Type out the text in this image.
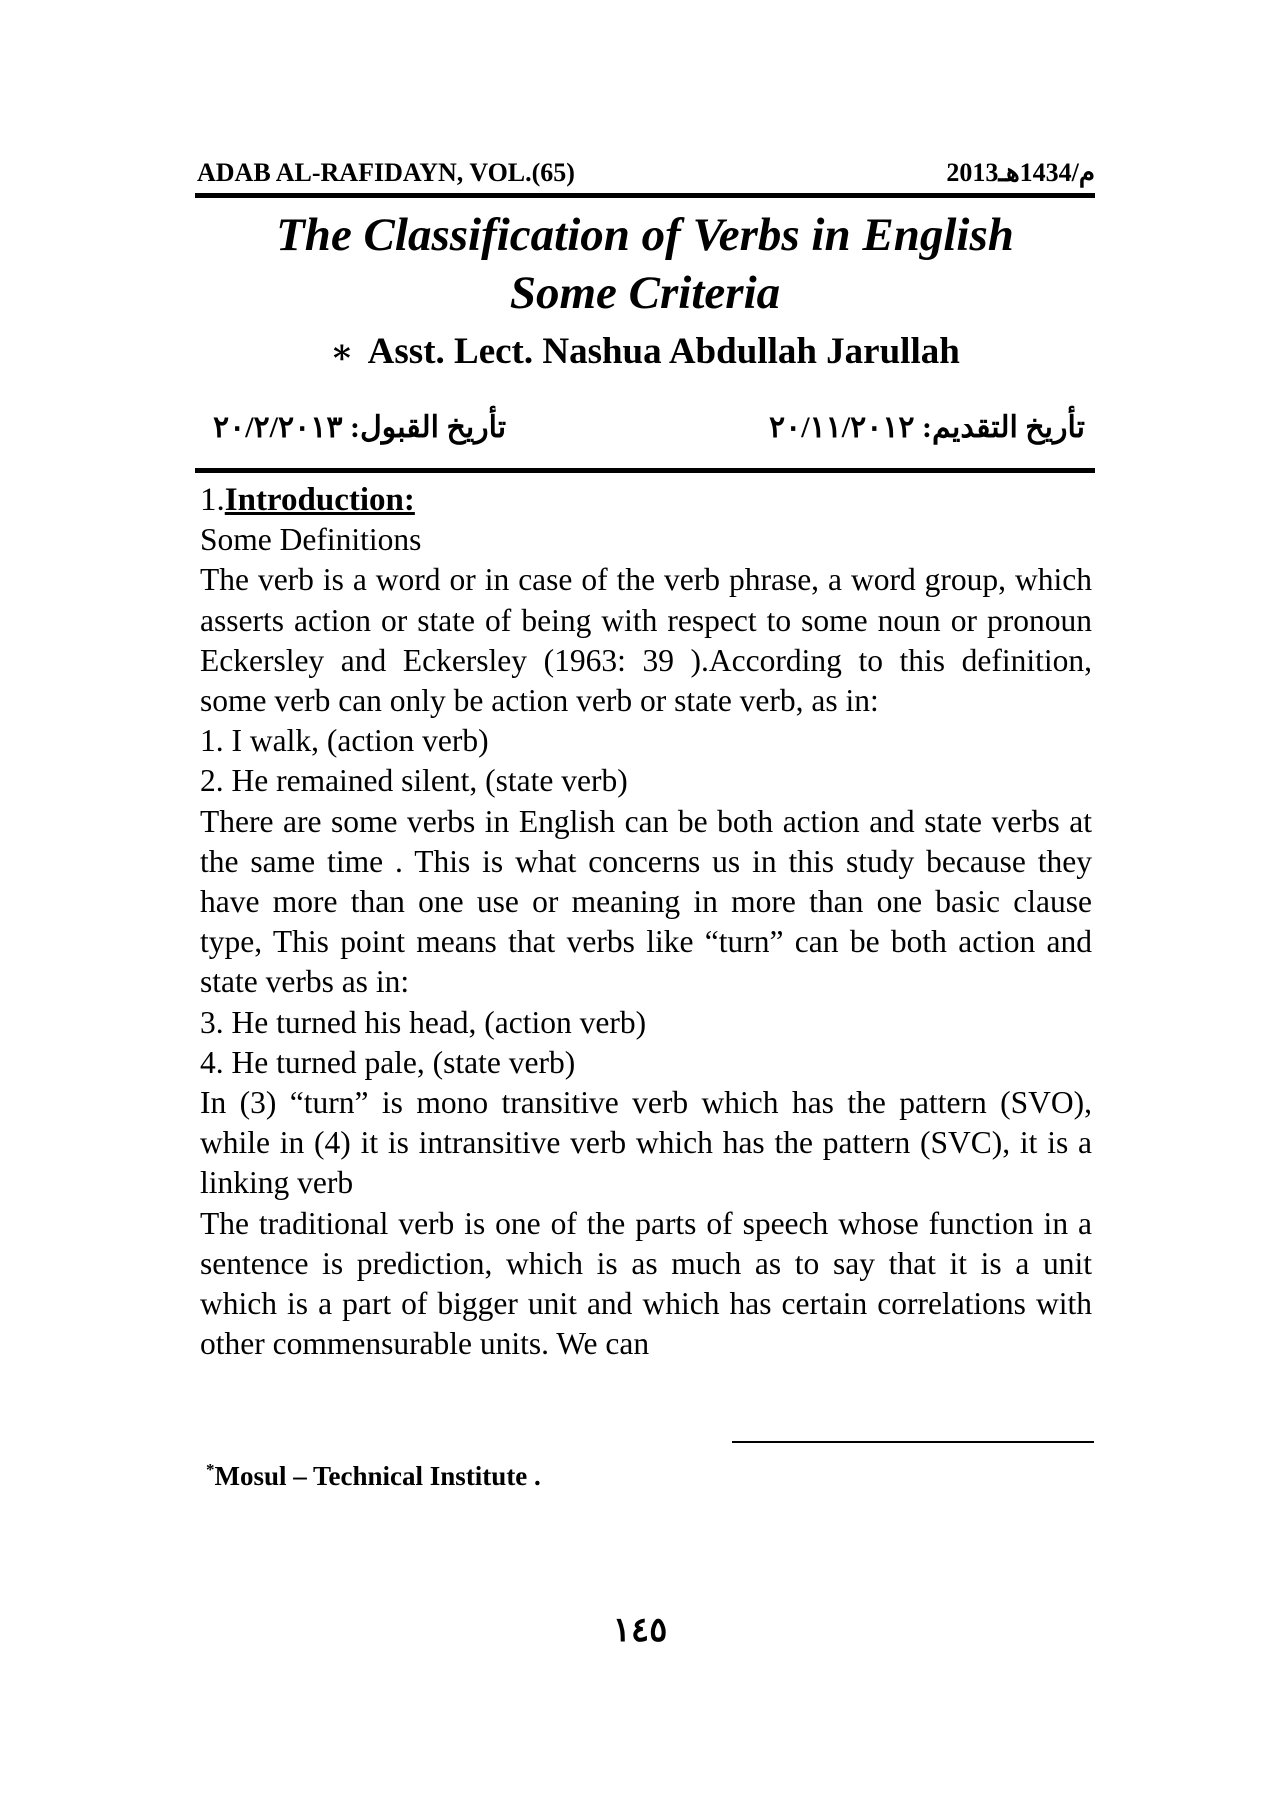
ADAB AL-RAFIDAYN, VOL.(65)	2013م/1434هـ
The Classification of Verbs in English
Some Criteria
∗ Asst. Lect. Nashua Abdullah Jarullah
تأريخ القبول: ٢٠/٢/٢٠١٣	تأريخ التقديم: ٢٠/١١/٢٠١٢

1.Introduction:

Some Definitions

The verb is a word or in case of the verb phrase, a word group, which asserts action or state of being with respect to some noun or pronoun Eckersley and Eckersley (1963: 39 ).According to this definition, some verb can only be action verb or state verb, as in:

1. I walk, (action verb)

2. He remained silent, (state verb)

There are some verbs in English can be both action and state verbs at the same time . This is what concerns us in this study because they have more than one use or meaning in more than one basic clause type, This point means that verbs like “turn” can be both action and state verbs as in:

3. He turned his head, (action verb)

4. He turned pale, (state verb)

In (3) “turn” is mono transitive verb which has the pattern (SVO), while in (4) it is intransitive verb which has the pattern (SVC), it is a linking verb

The traditional verb is one of the parts of speech whose function in a sentence is prediction, which is as much as to say that it is a unit which is a part of bigger unit and which has certain correlations with other commensurable units. We can

*Mosul – Technical Institute .
١٤٥
